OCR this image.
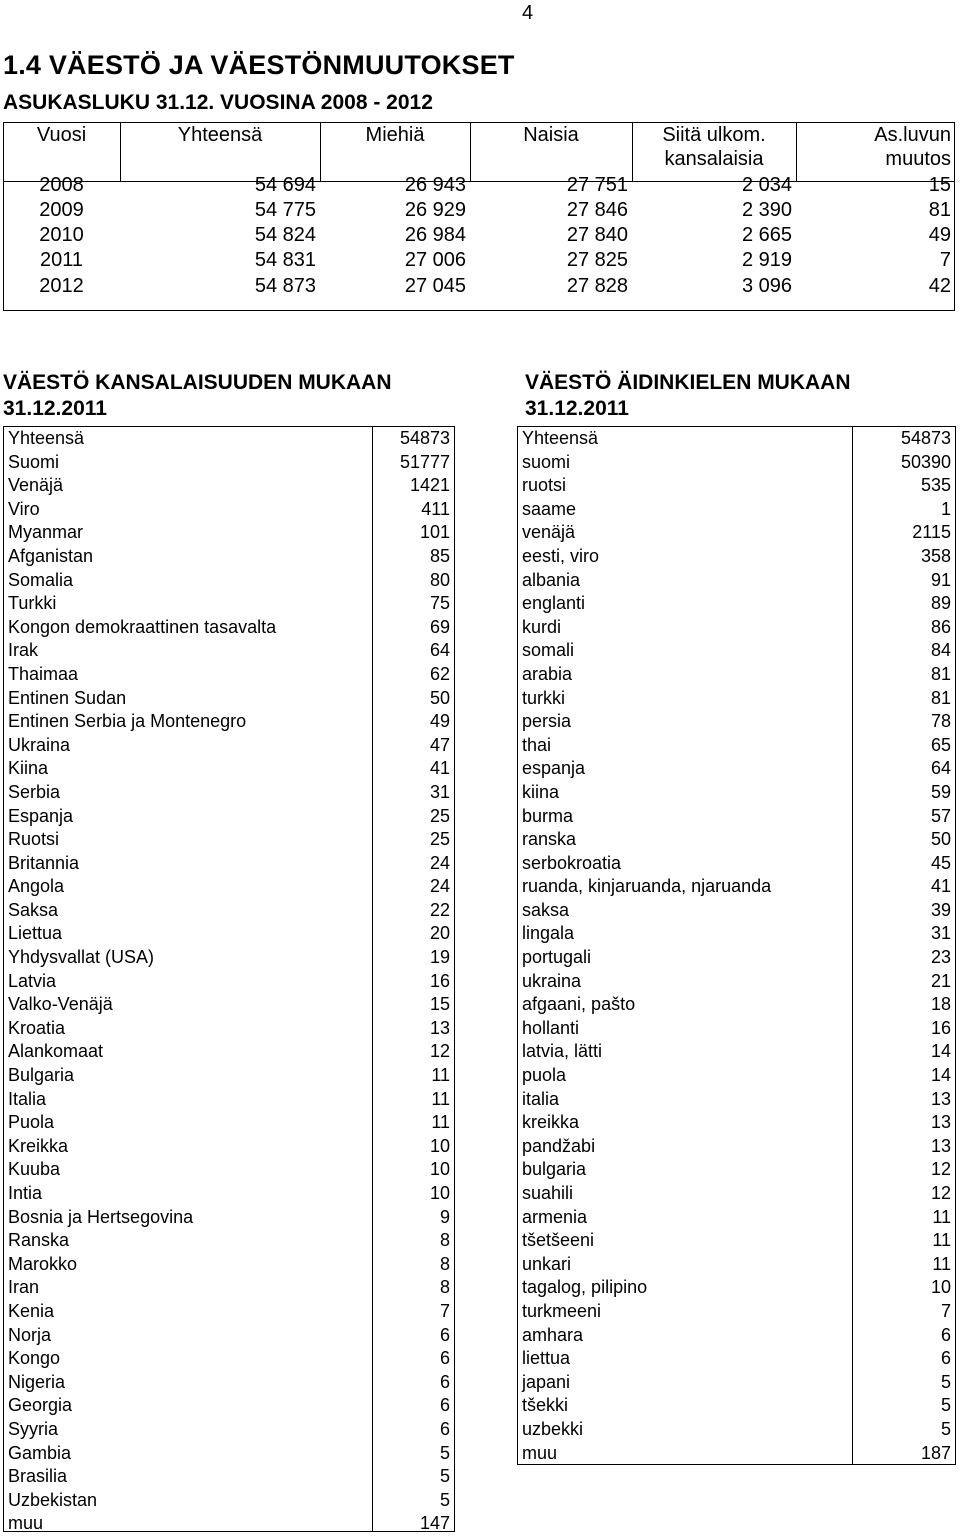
4
1.4 VÄESTÖ JA VÄESTÖNMUUTOKSET
ASUKASLUKU 31.12. VUOSINA 2008 - 2012
Vuosi	Yhteensä	Miehiä	Naisia	Siitä ulkom.	As.luvun
				kansalaisia	muutos
2008	54 694	26 943	27 751	2 034	15
2009	54 775	26 929	27 846	2 390	81
2010	54 824	26 984	27 840	2 665	49
2011	54 831	27 006	27 825	2 919	7
2012	54 873	27 045	27 828	3 096	42
VÄESTÖ KANSALAISUUDEN MUKAAN
31.12.2011
Yhteensä	54873
Suomi	51777
Venäjä	1421
Viro	411
Myanmar	101
Afganistan	85
Somalia	80
Turkki	75
Kongon demokraattinen tasavalta	69
Irak	64
Thaimaa	62
Entinen Sudan	50
Entinen Serbia ja Montenegro	49
Ukraina	47
Kiina	41
Serbia	31
Espanja	25
Ruotsi	25
Britannia	24
Angola	24
Saksa	22
Liettua	20
Yhdysvallat (USA)	19
Latvia	16
Valko-Venäjä	15
Kroatia	13
Alankomaat	12
Bulgaria	11
Italia	11
Puola	11
Kreikka	10
Kuuba	10
Intia	10
Bosnia ja Hertsegovina	9
Ranska	8
Marokko	8
Iran	8
Kenia	7
Norja	6
Kongo	6
Nigeria	6
Georgia	6
Syyria	6
Gambia	5
Brasilia	5
Uzbekistan	5
muu	147
VÄESTÖ ÄIDINKIELEN MUKAAN
31.12.2011
Yhteensä	54873
suomi	50390
ruotsi	535
saame	1
venäjä	2115
eesti, viro	358
albania	91
englanti	89
kurdi	86
somali	84
arabia	81
turkki	81
persia	78
thai	65
espanja	64
kiina	59
burma	57
ranska	50
serbokroatia	45
ruanda, kinjaruanda, njaruanda	41
saksa	39
lingala	31
portugali	23
ukraina	21
afgaani, pašto	18
hollanti	16
latvia, lätti	14
puola	14
italia	13
kreikka	13
pandžabi	13
bulgaria	12
suahili	12
armenia	11
tšetšeeni	11
unkari	11
tagalog, pilipino	10
turkmeeni	7
amhara	6
liettua	6
japani	5
tšekki	5
uzbekki	5
muu	187
